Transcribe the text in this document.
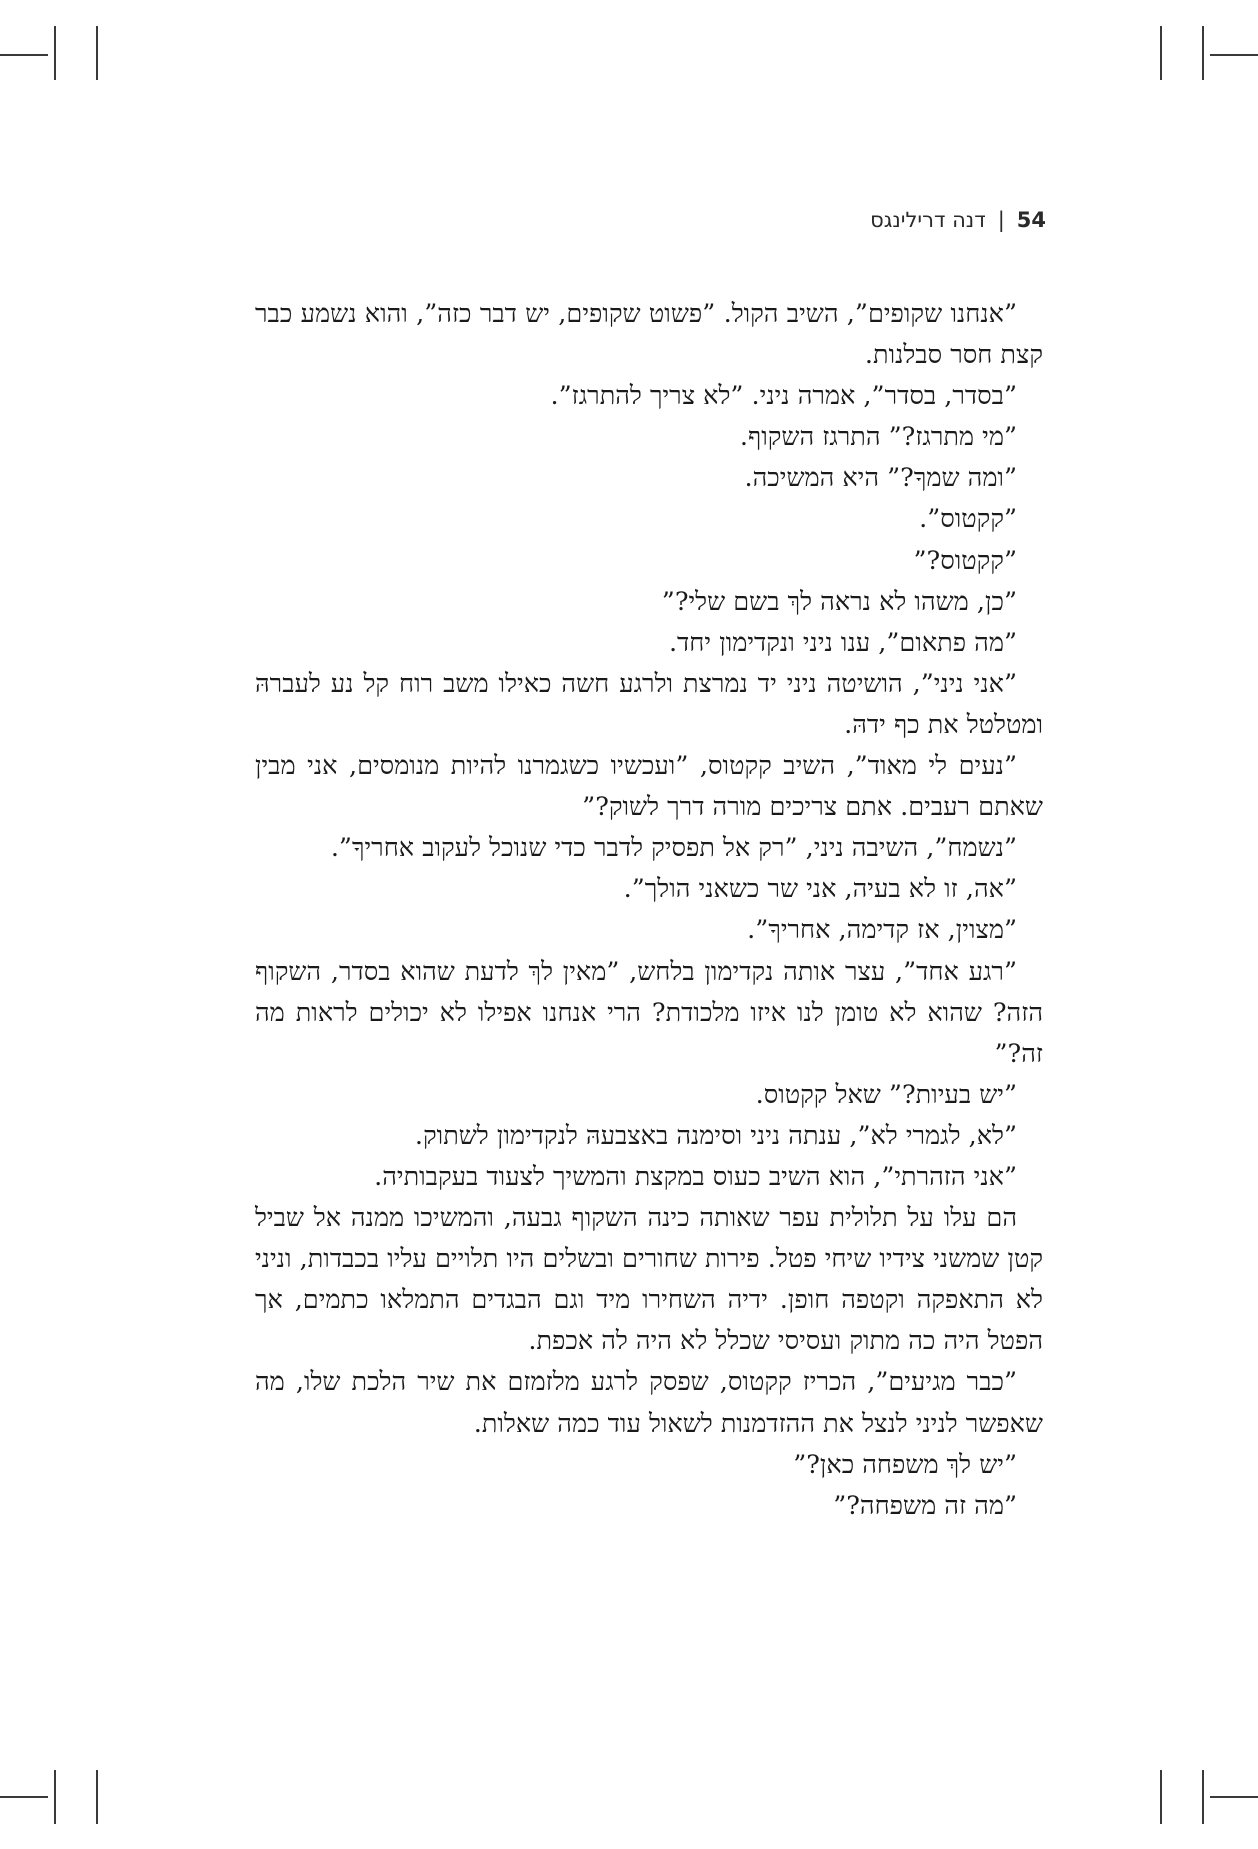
54
|
דנה דרילינגס

”אנחנו שקופים”, השיב הקול. ”פשוט שקופים, יש דבר כזה”, והוא נשמע כבר קצת חסר סבלנות.

”בסדר, בסדר”, אמרה ניני. ”לא צריך להתרגז”.

”מי מתרגז?” התרגז השקוף.

”ומה שמךָ?” היא המשיכה.

”קקטוס”.

”קקטוס?”

”כן, משהו לא נראה לךְ בשם שלי?”

”מה פתאום”, ענו ניני ונקדימון יחד.

”אני ניני”, הושיטה ניני יד נמרצת ולרגע חשה כאילו משב רוח קל נע לעברהּ ומטלטל את כף ידהּ.

”נעים לי מאוד”, השיב קקטוס, ”ועכשיו כשגמרנו להיות מנומסים, אני מבין שאתם רעבים. אתם צריכים מורה דרך לשוק?”

”נשמח”, השיבה ניני, ”רק אל תפסיק לדבר כדי שנוכל לעקוב אחריךָ”.

”אה, זו לא בעיה, אני שר כשאני הולך”.

”מצוין, אז קדימה, אחריךָ”.

”רגע אחד”, עצר אותה נקדימון בלחש, ”מאין לךְ לדעת שהוא בסדר, השקוף הזה? שהוא לא טומן לנו איזו מלכודת? הרי אנחנו אפילו לא יכולים לראות מה זה?”

”יש בעיות?” שאל קקטוס.

”לא, לגמרי לא”, ענתה ניני וסימנה באצבעהּ לנקדימון לשתוק.

”אני הזהרתי”, הוא השיב כעוס במקצת והמשיך לצעוד בעקבותיה.

הם עלו על תלולית עפר שאותה כינה השקוף גבעה, והמשיכו ממנה אל שביל קטן שמשני צידיו שיחי פטל. פירות שחורים ובשלים היו תלויים עליו בכבדות, וניני לא התאפקה וקטפה חופן. ידיה השחירו מיד וגם הבגדים התמלאו כתמים, אך הפטל היה כה מתוק ועסיסי שכלל לא היה לה אכפת.

”כבר מגיעים”, הכריז קקטוס, שפסק לרגע מלזמזם את שיר הלכת שלו, מה שאפשר לניני לנצל את ההזדמנות לשאול עוד כמה שאלות.

”יש לךְ משפחה כאן?”

”מה זה משפחה?”
